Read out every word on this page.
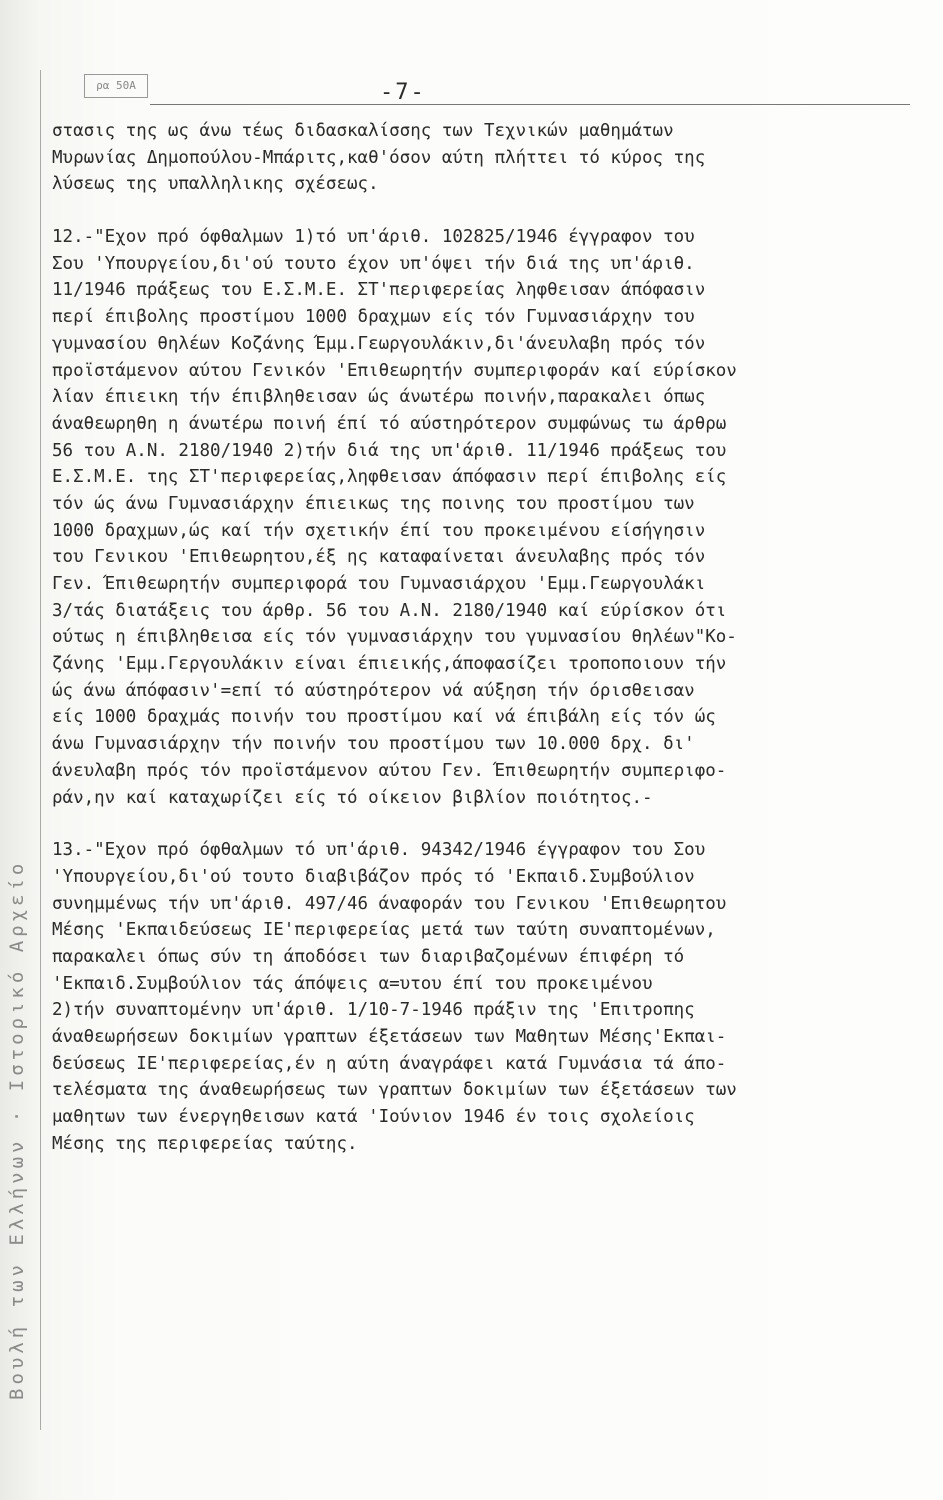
ρα 50Α	-7-
Βουλή των Ελλήνων · Ιστορικό Αρχείο
στασις της ως άνω τέως διδασκαλίσσης των Τεχνικών μαθημάτων
Μυρωνίας Δημοπούλου-Μπάριτς,καθ'όσον αύτη πλήττει τό κύρος της
λύσεως της υπαλληλικης σχέσεως.
12.-"Εχον πρό όφθαλμων 1)τό υπ'άριθ. 102825/1946 έγγραφον του
Σου 'Υπουργείου,δι'ού τουτο έχον υπ'όψει τήν διά της υπ'άριθ.
11/1946 πράξεως του Ε.Σ.Μ.Ε. ΣΤ'περιφερείας ληφθεισαν άπόφασιν
περί έπιβολης προστίμου 1000 δραχμων είς τόν Γυμνασιάρχην του
γυμνασίου θηλέων Κοζάνης Έμμ.Γεωργουλάκιν,δι'άνευλαβη πρός τόν
προϊστάμενον αύτου Γενικόν 'Επιθεωρητήν συμπεριφοράν καί εύρίσκον
λίαν έπιεικη τήν έπιβληθεισαν ώς άνωτέρω ποινήν,παρακαλει όπως
άναθεωρηθη η άνωτέρω ποινή έπί τό αύστηρότερον συμφώνως τω άρθρω
56 του Α.Ν. 2180/1940 2)τήν διά της υπ'άριθ. 11/1946 πράξεως του
Ε.Σ.Μ.Ε. της ΣΤ'περιφερείας,ληφθεισαν άπόφασιν περί έπιβολης είς
τόν ώς άνω Γυμνασιάρχην έπιεικως της ποινης του προστίμου των
1000 δραχμων,ώς καί τήν σχετικήν έπί του προκειμένου είσήγησιν
του Γενικου 'Επιθεωρητου,έξ ης καταφαίνεται άνευλαβης πρός τόν
Γεν. Έπιθεωρητήν συμπεριφορά του Γυμνασιάρχου 'Εμμ.Γεωργουλάκι
3/τάς διατάξεις του άρθρ. 56 του Α.Ν. 2180/1940 καί εύρίσκον ότι
ούτως η έπιβληθεισα είς τόν γυμνασιάρχην του γυμνασίου θηλέων"Κο-
ζάνης 'Εμμ.Γεργουλάκιν είναι έπιεικής,άποφασίζει τροποποιουν τήν
ώς άνω άπόφασιν'=επί τό αύστηρότερον νά αύξηση τήν όρισθεισαν
είς 1000 δραχμάς ποινήν του προστίμου καί νά έπιβάλη είς τόν ώς
άνω Γυμνασιάρχην τήν ποινήν του προστίμου των 10.000 δρχ. δι'
άνευλαβη πρός τόν προϊστάμενον αύτου Γεν. Έπιθεωρητήν συμπεριφο-
ράν,ην καί καταχωρίζει είς τό οίκειον βιβλίον ποιότητος.-
13.-"Εχον πρό όφθαλμων τό υπ'άριθ. 94342/1946 έγγραφον του Σου
'Υπουργείου,δι'ού τουτο διαβιβάζον πρός τό 'Εκπαιδ.Συμβούλιον
συνημμένως τήν υπ'άριθ. 497/46 άναφοράν του Γενικου 'Επιθεωρητου
Μέσης 'Εκπαιδεύσεως ΙΕ'περιφερείας μετά των ταύτη συναπτομένων,
παρακαλει όπως σύν τη άποδόσει των διαριβαζομένων έπιφέρη τό
'Εκπαιδ.Συμβούλιον τάς άπόψεις α=υτου έπί του προκειμένου
2)τήν συναπτομένην υπ'άριθ. 1/10-7-1946 πράξιν της 'Επιτροπης
άναθεωρήσεων δοκιμίων γραπτων έξετάσεων των Μαθητων Μέσης'Εκπαι-
δεύσεως ΙΕ'περιφερείας,έν η αύτη άναγράφει κατά Γυμνάσια τά άπο-
τελέσματα της άναθεωρήσεως των γραπτων δοκιμίων των έξετάσεων των
μαθητων των ένεργηθεισων κατά 'Ιούνιον 1946 έν τοις σχολείοις
Μέσης της περιφερείας ταύτης.
